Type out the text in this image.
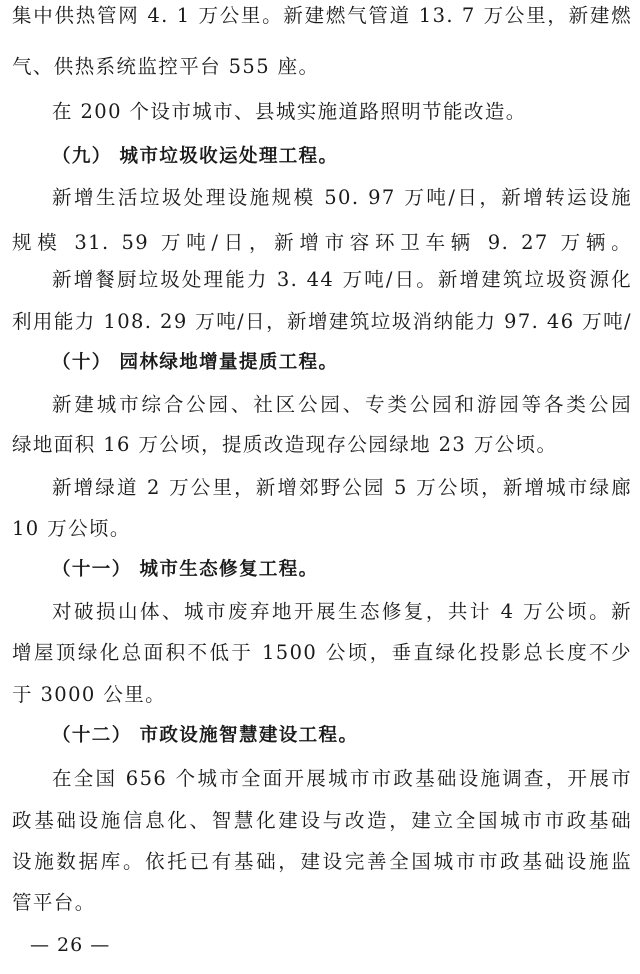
集中供热管网 4. 1 万公里。新建燃气管道 13. 7 万公里，新建燃
气、供热系统监控平台 555 座。
在 200 个设市城市、县城实施道路照明节能改造。
（九） 城市垃圾收运处理工程。
新增生活垃圾处理设施规模 50. 97 万吨/日，新增转运设施
规模 31. 59 万吨/日，新增市容环卫车辆 9. 27 万辆。
新增餐厨垃圾处理能力 3. 44 万吨/日。新增建筑垃圾资源化
利用能力 108. 29 万吨/日，新增建筑垃圾消纳能力 97. 46 万吨/
（十） 园林绿地增量提质工程。
新建城市综合公园、社区公园、专类公园和游园等各类公园
绿地面积 16 万公顷，提质改造现存公园绿地 23 万公顷。
新增绿道 2 万公里，新增郊野公园 5 万公顷，新增城市绿廊
10 万公顷。
（十一） 城市生态修复工程。
对破损山体、城市废弃地开展生态修复，共计 4 万公顷。新
增屋顶绿化总面积不低于 1500 公顷，垂直绿化投影总长度不少
于 3000 公里。
（十二） 市政设施智慧建设工程。
在全国 656 个城市全面开展城市市政基础设施调查，开展市
政基础设施信息化、智慧化建设与改造，建立全国城市市政基础
设施数据库。依托已有基础，建设完善全国城市市政基础设施监
管平台。
— 26 —
